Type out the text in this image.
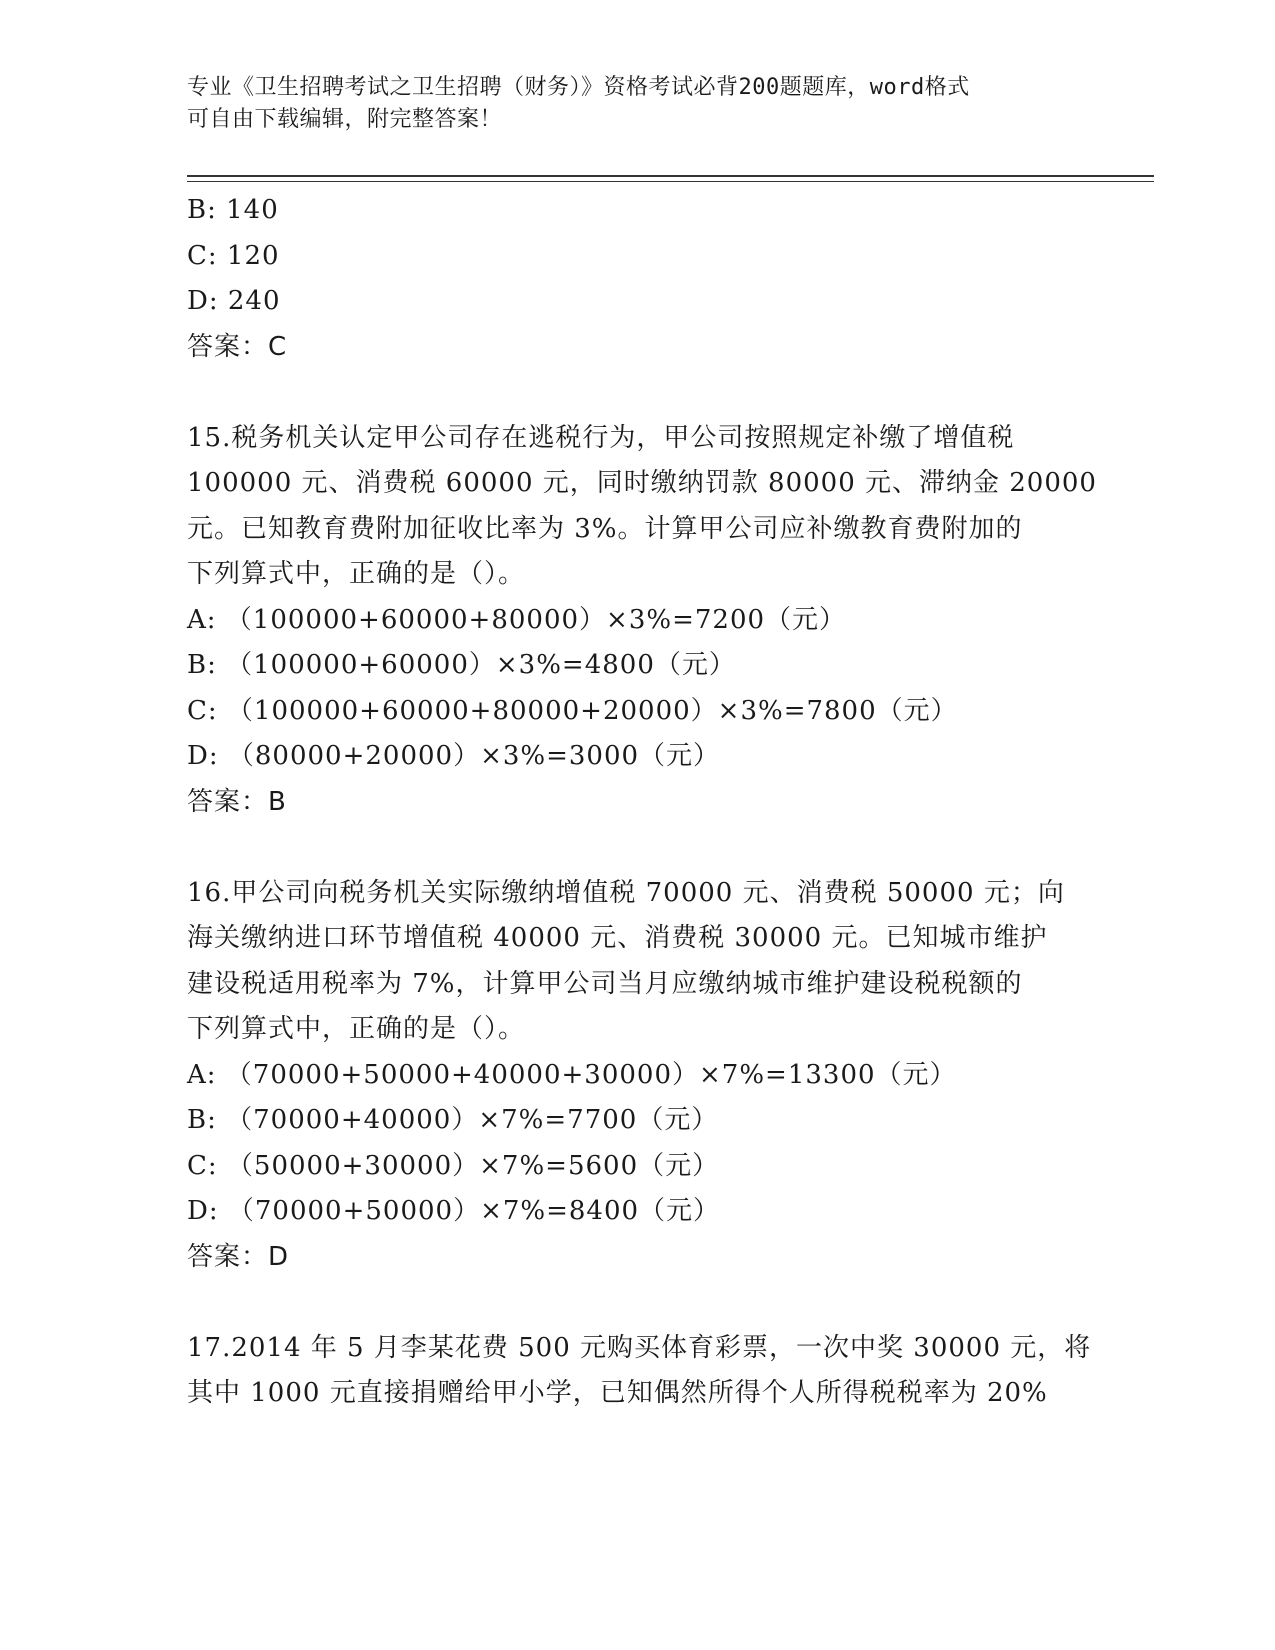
专业《卫生招聘考试之卫生招聘（财务）》资格考试必背200题题库，word格式

可自由下载编辑，附完整答案！

B: 140
C: 120
D: 240
答案：C
15.税务机关认定甲公司存在逃税行为，甲公司按照规定补缴了增值税
100000 元、消费税 60000 元，同时缴纳罚款 80000 元、滞纳金 20000
元。已知教育费附加征收比率为 3%。计算甲公司应补缴教育费附加的
下列算式中，正确的是（）。
A: （100000+60000+80000）×3%=7200（元）
B: （100000+60000）×3%=4800（元）
C: （100000+60000+80000+20000）×3%=7800（元）
D: （80000+20000）×3%=3000（元）
答案：B
16.甲公司向税务机关实际缴纳增值税 70000 元、消费税 50000 元；向
海关缴纳进口环节增值税 40000 元、消费税 30000 元。已知城市维护
建设税适用税率为 7%，计算甲公司当月应缴纳城市维护建设税税额的
下列算式中，正确的是（）。
A: （70000+50000+40000+30000）×7%=13300（元）
B: （70000+40000）×7%=7700（元）
C: （50000+30000）×7%=5600（元）
D: （70000+50000）×7%=8400（元）
答案：D
17.2014 年 5 月李某花费 500 元购买体育彩票，一次中奖 30000 元，将
其中 1000 元直接捐赠给甲小学，已知偶然所得个人所得税税率为 20%
